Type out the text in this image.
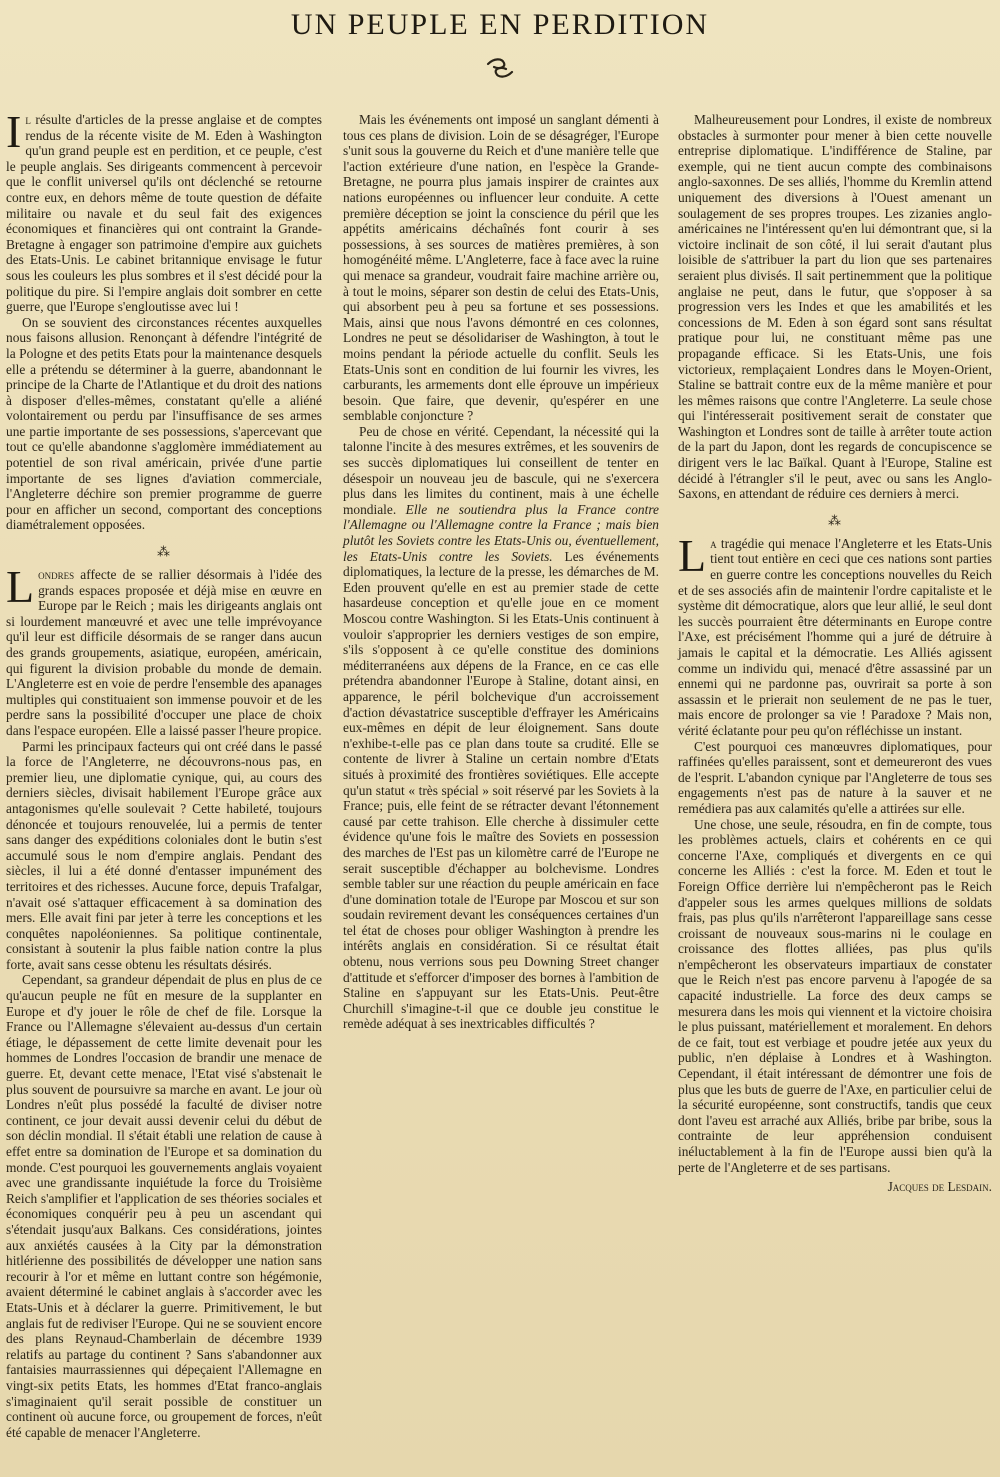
UN PEUPLE EN PERDITION

Il résulte d'articles de la presse anglaise et de comptes rendus de la récente visite de M. Eden à Washington qu'un grand peuple est en perdition, et ce peuple, c'est le peuple anglais. Ses dirigeants commencent à percevoir que le conflit universel qu'ils ont déclenché se retourne contre eux, en dehors même de toute question de défaite militaire ou navale et du seul fait des exigences économiques et financières qui ont contraint la Grande-Bretagne à engager son patrimoine d'empire aux guichets des Etats-Unis. Le cabinet britannique envisage le futur sous les couleurs les plus sombres et il s'est décidé pour la politique du pire. Si l'empire anglais doit sombrer en cette guerre, que l'Europe s'engloutisse avec lui !

On se souvient des circonstances récentes auxquelles nous faisons allusion. Renonçant à défendre l'intégrité de la Pologne et des petits Etats pour la maintenance desquels elle a prétendu se déterminer à la guerre, abandonnant le principe de la Charte de l'Atlantique et du droit des nations à disposer d'elles-mêmes, constatant qu'elle a aliéné volontairement ou perdu par l'insuffisance de ses armes une partie importante de ses possessions, s'apercevant que tout ce qu'elle abandonne s'agglomère immédiatement au potentiel de son rival américain, privée d'une partie importante de ses lignes d'aviation commerciale, l'Angleterre déchire son premier programme de guerre pour en afficher un second, comportant des conceptions diamétralement opposées.

⁂

Londres affecte de se rallier désormais à l'idée des grands espaces proposée et déjà mise en œuvre en Europe par le Reich ; mais les dirigeants anglais ont si lourdement manœuvré et avec une telle imprévoyance qu'il leur est difficile désormais de se ranger dans aucun des grands groupements, asiatique, européen, américain, qui figurent la division probable du monde de demain. L'Angleterre est en voie de perdre l'ensemble des apanages multiples qui constituaient son immense pouvoir et de les perdre sans la possibilité d'occuper une place de choix dans l'espace européen. Elle a laissé passer l'heure propice.

Parmi les principaux facteurs qui ont créé dans le passé la force de l'Angleterre, ne découvrons-nous pas, en premier lieu, une diplomatie cynique, qui, au cours des derniers siècles, divisait habilement l'Europe grâce aux antagonismes qu'elle soulevait ? Cette habileté, toujours dénoncée et toujours renouvelée, lui a permis de tenter sans danger des expéditions coloniales dont le butin s'est accumulé sous le nom d'empire anglais. Pendant des siècles, il lui a été donné d'entasser impunément des territoires et des richesses. Aucune force, depuis Trafalgar, n'avait osé s'attaquer efficacement à sa domination des mers. Elle avait fini par jeter à terre les conceptions et les conquêtes napoléoniennes. Sa politique continentale, consistant à soutenir la plus faible nation contre la plus forte, avait sans cesse obtenu les résultats désirés.

Cependant, sa grandeur dépendait de plus en plus de ce qu'aucun peuple ne fût en mesure de la supplanter en Europe et d'y jouer le rôle de chef de file. Lorsque la France ou l'Allemagne s'élevaient au-dessus d'un certain étiage, le dépassement de cette limite devenait pour les hommes de Londres l'occasion de brandir une menace de guerre. Et, devant cette menace, l'Etat visé s'abstenait le plus souvent de poursuivre sa marche en avant. Le jour où Londres n'eût plus possédé la faculté de diviser notre continent, ce jour devait aussi devenir celui du début de son déclin mondial. Il s'était établi une relation de cause à effet entre sa domination de l'Europe et sa domination du monde. C'est pourquoi les gouvernements anglais voyaient avec une grandissante inquiétude la force du Troisième Reich s'amplifier et l'application de ses théories sociales et économiques conquérir peu à peu un ascendant qui s'étendait jusqu'aux Balkans. Ces considérations, jointes aux anxiétés causées à la City par la démonstration hitlérienne des possibilités de développer une nation sans recourir à l'or et même en luttant contre son hégémonie, avaient déterminé le cabinet anglais à s'accorder avec les Etats-Unis et à déclarer la guerre. Primitivement, le but anglais fut de rediviser l'Europe. Qui ne se souvient encore des plans Reynaud-Chamberlain de décembre 1939 relatifs au partage du continent ? Sans s'abandonner aux fantaisies maurrassiennes qui dépeçaient l'Allemagne en vingt-six petits Etats, les hommes d'Etat franco-anglais s'imaginaient qu'il serait possible de constituer un continent où aucune force, ou groupement de forces, n'eût été capable de menacer l'Angleterre.

Mais les événements ont imposé un sanglant démenti à tous ces plans de division. Loin de se désagréger, l'Europe s'unit sous la gouverne du Reich et d'une manière telle que l'action extérieure d'une nation, en l'espèce la Grande-Bretagne, ne pourra plus jamais inspirer de craintes aux nations européennes ou influencer leur conduite. A cette première déception se joint la conscience du péril que les appétits américains déchaînés font courir à ses possessions, à ses sources de matières premières, à son homogénéité même. L'Angleterre, face à face avec la ruine qui menace sa grandeur, voudrait faire machine arrière ou, à tout le moins, séparer son destin de celui des Etats-Unis, qui absorbent peu à peu sa fortune et ses possessions. Mais, ainsi que nous l'avons démontré en ces colonnes, Londres ne peut se désolidariser de Washington, à tout le moins pendant la période actuelle du conflit. Seuls les Etats-Unis sont en condition de lui fournir les vivres, les carburants, les armements dont elle éprouve un impérieux besoin. Que faire, que devenir, qu'espérer en une semblable conjoncture ?

Peu de chose en vérité. Cependant, la nécessité qui la talonne l'incite à des mesures extrêmes, et les souvenirs de ses succès diplomatiques lui conseillent de tenter en désespoir un nouveau jeu de bascule, qui ne s'exercera plus dans les limites du continent, mais à une échelle mondiale. Elle ne soutiendra plus la France contre l'Allemagne ou l'Allemagne contre la France ; mais bien plutôt les Soviets contre les Etats-Unis ou, éventuellement, les Etats-Unis contre les Soviets. Les événements diplomatiques, la lecture de la presse, les démarches de M. Eden prouvent qu'elle en est au premier stade de cette hasardeuse conception et qu'elle joue en ce moment Moscou contre Washington. Si les Etats-Unis continuent à vouloir s'approprier les derniers vestiges de son empire, s'ils s'opposent à ce qu'elle constitue des dominions méditerranéens aux dépens de la France, en ce cas elle prétendra abandonner l'Europe à Staline, dotant ainsi, en apparence, le péril bolchevique d'un accroissement d'action dévastatrice susceptible d'effrayer les Américains eux-mêmes en dépit de leur éloignement. Sans doute n'exhibe-t-elle pas ce plan dans toute sa crudité. Elle se contente de livrer à Staline un certain nombre d'Etats situés à proximité des frontières soviétiques. Elle accepte qu'un statut « très spécial » soit réservé par les Soviets à la France; puis, elle feint de se rétracter devant l'étonnement causé par cette trahison. Elle cherche à dissimuler cette évidence qu'une fois le maître des Soviets en possession des marches de l'Est pas un kilomètre carré de l'Europe ne serait susceptible d'échapper au bolchevisme. Londres semble tabler sur une réaction du peuple américain en face d'une domination totale de l'Europe par Moscou et sur son soudain revirement devant les conséquences certaines d'un tel état de choses pour obliger Washington à prendre les intérêts anglais en considération. Si ce résultat était obtenu, nous verrions sous peu Downing Street changer d'attitude et s'efforcer d'imposer des bornes à l'ambition de Staline en s'appuyant sur les Etats-Unis. Peut-être Churchill s'imagine-t-il que ce double jeu constitue le remède adéquat à ses inextricables difficultés ?

Malheureusement pour Londres, il existe de nombreux obstacles à surmonter pour mener à bien cette nouvelle entreprise diplomatique. L'indifférence de Staline, par exemple, qui ne tient aucun compte des combinaisons anglo-saxonnes. De ses alliés, l'homme du Kremlin attend uniquement des diversions à l'Ouest amenant un soulagement de ses propres troupes. Les zizanies anglo-américaines ne l'intéressent qu'en lui démontrant que, si la victoire inclinait de son côté, il lui serait d'autant plus loisible de s'attribuer la part du lion que ses partenaires seraient plus divisés. Il sait pertinemment que la politique anglaise ne peut, dans le futur, que s'opposer à sa progression vers les Indes et que les amabilités et les concessions de M. Eden à son égard sont sans résultat pratique pour lui, ne constituant même pas une propagande efficace. Si les Etats-Unis, une fois victorieux, remplaçaient Londres dans le Moyen-Orient, Staline se battrait contre eux de la même manière et pour les mêmes raisons que contre l'Angleterre. La seule chose qui l'intéresserait positivement serait de constater que Washington et Londres sont de taille à arrêter toute action de la part du Japon, dont les regards de concupiscence se dirigent vers le lac Baïkal. Quant à l'Europe, Staline est décidé à l'étrangler s'il le peut, avec ou sans les Anglo-Saxons, en attendant de réduire ces derniers à merci.

⁂

La tragédie qui menace l'Angleterre et les Etats-Unis tient tout entière en ceci que ces nations sont parties en guerre contre les conceptions nouvelles du Reich et de ses associés afin de maintenir l'ordre capitaliste et le système dit démocratique, alors que leur allié, le seul dont les succès pourraient être déterminants en Europe contre l'Axe, est précisément l'homme qui a juré de détruire à jamais le capital et la démocratie. Les Alliés agissent comme un individu qui, menacé d'être assassiné par un ennemi qui ne pardonne pas, ouvrirait sa porte à son assassin et le prierait non seulement de ne pas le tuer, mais encore de prolonger sa vie ! Paradoxe ? Mais non, vérité éclatante pour peu qu'on réfléchisse un instant.

C'est pourquoi ces manœuvres diplomatiques, pour raffinées qu'elles paraissent, sont et demeureront des vues de l'esprit. L'abandon cynique par l'Angleterre de tous ses engagements n'est pas de nature à la sauver et ne remédiera pas aux calamités qu'elle a attirées sur elle.

Une chose, une seule, résoudra, en fin de compte, tous les problèmes actuels, clairs et cohérents en ce qui concerne l'Axe, compliqués et divergents en ce qui concerne les Alliés : c'est la force. M. Eden et tout le Foreign Office derrière lui n'empêcheront pas le Reich d'appeler sous les armes quelques millions de soldats frais, pas plus qu'ils n'arrêteront l'appareillage sans cesse croissant de nouveaux sous-marins ni le coulage en croissance des flottes alliées, pas plus qu'ils n'empêcheront les observateurs impartiaux de constater que le Reich n'est pas encore parvenu à l'apogée de sa capacité industrielle. La force des deux camps se mesurera dans les mois qui viennent et la victoire choisira le plus puissant, matériellement et moralement. En dehors de ce fait, tout est verbiage et poudre jetée aux yeux du public, n'en déplaise à Londres et à Washington. Cependant, il était intéressant de démontrer une fois de plus que les buts de guerre de l'Axe, en particulier celui de la sécurité européenne, sont constructifs, tandis que ceux dont l'aveu est arraché aux Alliés, bribe par bribe, sous la contrainte de leur appréhension conduisent inéluctablement à la fin de l'Europe aussi bien qu'à la perte de l'Angleterre et de ses partisans.

Jacques de Lesdain.
